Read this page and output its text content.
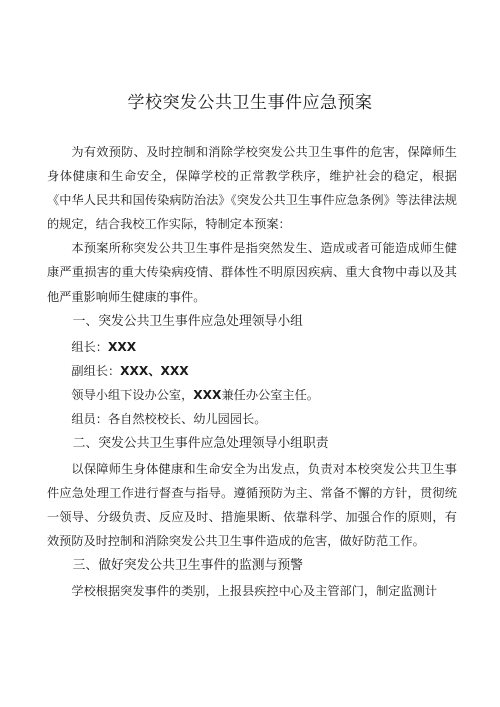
学校突发公共卫生事件应急预案

为有效预防、及时控制和消除学校突发公共卫生事件的危害，保障师生身体健康和生命安全，保障学校的正常教学秩序，维护社会的稳定，根据《中华人民共和国传染病防治法》《突发公共卫生事件应急条例》等法律法规的规定，结合我校工作实际，特制定本预案：

本预案所称突发公共卫生事件是指突然发生、造成或者可能造成师生健康严重损害的重大传染病疫情、群体性不明原因疾病、重大食物中毒以及其他严重影响师生健康的事件。

一、突发公共卫生事件应急处理领导小组

组长：XXX

副组长：XXX、XXX

领导小组下设办公室，XXX兼任办公室主任。

组员：各自然校校长、幼儿园园长。

二、突发公共卫生事件应急处理领导小组职责

以保障师生身体健康和生命安全为出发点，负责对本校突发公共卫生事件应急处理工作进行督查与指导。遵循预防为主、常备不懈的方针，贯彻统一领导、分级负责、反应及时、措施果断、依靠科学、加强合作的原则，有效预防及时控制和消除突发公共卫生事件造成的危害，做好防范工作。

三、做好突发公共卫生事件的监测与预警

学校根据突发事件的类别，上报县疾控中心及主管部门，制定监测计
